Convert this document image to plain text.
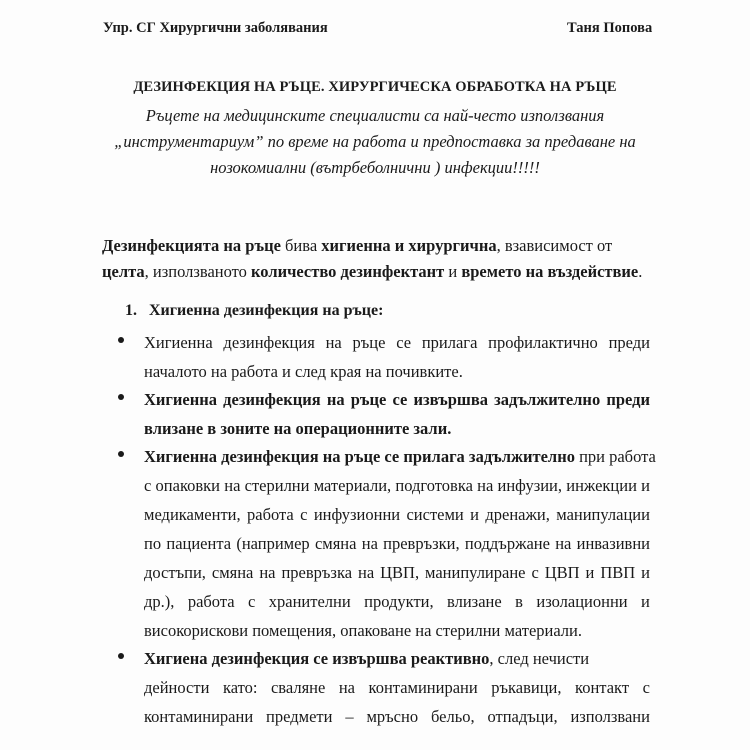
Упр. СГ Хирургични заболявания	Таня Попова
ДЕЗИНФЕКЦИЯ НА РЪЦЕ. ХИРУРГИЧЕСКА ОБРАБОТКА НА РЪЦЕ
Ръцете на медицинските специалисти са най-често използвания
„инструментариум” по време на работа и предпоставка за предаване на
нозокомиални (вътрбеболнични ) инфекции!!!!!
Дезинфекцията на ръце бива хигиенна и хирургична, взависимост от
целта, използваното количество дезинфектант и времето на въздействие.
1. Хигиенна дезинфекция на ръце:
Хигиенна дезинфекция на ръце се прилага профилактично преди
началото на работа и след края на почивките.
Хигиенна дезинфекция на ръце се извършва задължително преди
влизане в зоните на операционните зали.
Хигиенна дезинфекция на ръце се прилага задължително при работа
с опаковки на стерилни материали, подготовка на инфузии, инжекции и
медикаменти, работа с инфузионни системи и дренажи, манипулации
по пациента (например смяна на превръзки, поддържане на инвазивни
достъпи, смяна на превръзка на ЦВП, манипулиране с ЦВП и ПВП и
др.), работа с хранителни продукти, влизане в изолационни и
високорискови помещения, опаковане на стерилни материали.
Хигиена дезинфекция се извършва реактивно, след нечисти
дейности като: сваляне на контаминирани ръкавици, контакт с
контаминирани предмети – мръсно бельо, отпадъци, използвани
